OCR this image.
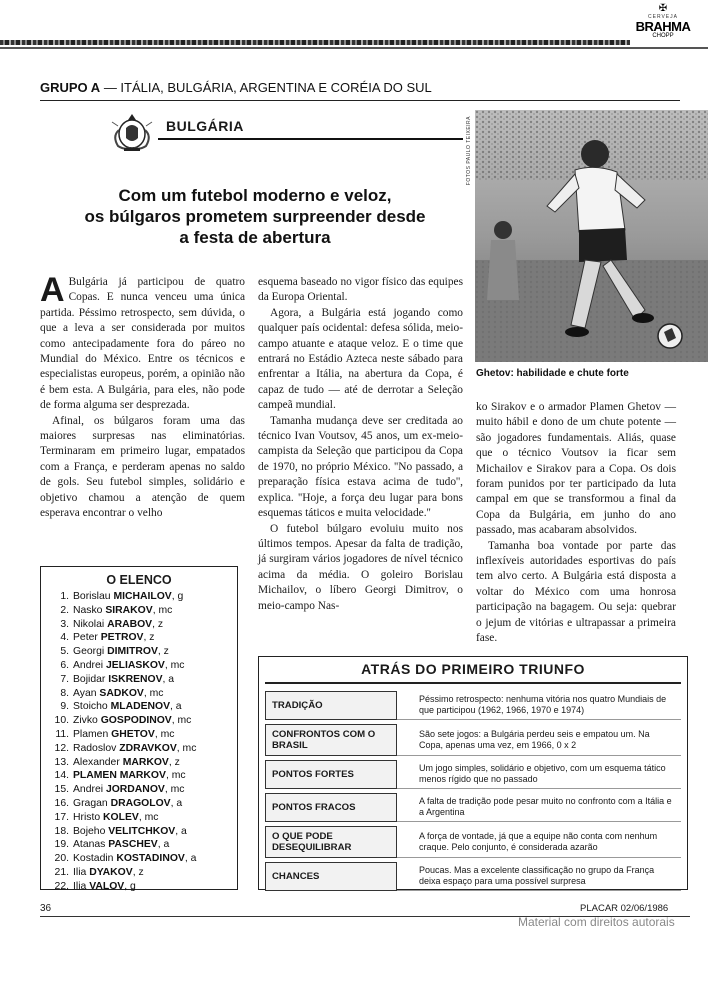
✠
CERVEJA
BRAHMA
CHOPP
GRUPO A — ITÁLIA, BULGÁRIA, ARGENTINA E CORÉIA DO SUL
BULGÁRIA
Com um futebol moderno e veloz,
os búlgaros prometem surpreender desde
a festa de abertura
FOTOS PAULO TEIXEIRA
Ghetov: habilidade e chute forte

A Bulgária já participou de quatro Copas. E nunca venceu uma única partida. Péssimo retrospecto, sem dúvida, o que a leva a ser considerada por muitos como antecipadamente fora do páreo no Mundial do México. Entre os técnicos e especialistas europeus, porém, a opinião não é bem esta. A Bulgária, para eles, não pode de forma alguma ser desprezada.

Afinal, os búlgaros foram uma das maiores surpresas nas eliminatórias. Terminaram em primeiro lugar, empatados com a França, e perderam apenas no saldo de gols. Seu futebol simples, solidário e objetivo chamou a atenção de quem esperava encontrar o velho

esquema baseado no vigor físico das equipes da Europa Oriental.

Agora, a Bulgária está jogando como qualquer país ocidental: defesa sólida, meio-campo atuante e ataque veloz. E o time que entrará no Estádio Azteca neste sábado para enfrentar a Itália, na abertura da Copa, é capaz de tudo — até de derrotar a Seleção campeã mundial.

Tamanha mudança deve ser creditada ao técnico Ivan Voutsov, 45 anos, um ex-meio-campista da Seleção que participou da Copa de 1970, no próprio México. ''No passado, a preparação física estava acima de tudo'', explica. ''Hoje, a força deu lugar para bons esquemas táticos e muita velocidade.''

O futebol búlgaro evoluiu muito nos últimos tempos. Apesar da falta de tradição, já surgiram vários jogadores de nível técnico acima da média. O goleiro Borislau Michailov, o líbero Georgi Dimitrov, o meio-campo Nas-

ko Sirakov e o armador Plamen Ghetov — muito hábil e dono de um chute potente — são jogadores fundamentais. Aliás, quase que o técnico Voutsov ia ficar sem Michailov e Sirakov para a Copa. Os dois foram punidos por ter participado da luta campal em que se transformou a final da Copa da Bulgária, em junho do ano passado, mas acabaram absolvidos.

Tamanha boa vontade por parte das inflexíveis autoridades esportivas do país tem alvo certo. A Bulgária está disposta a voltar do México com uma honrosa participação na bagagem. Ou seja: quebrar o jejum de vitórias e ultrapassar a primeira fase.

O ELENCO
1. Borislau MICHAILOV, g
2. Nasko SIRAKOV, mc
3. Nikolai ARABOV, z
4. Peter PETROV, z
5. Georgi DIMITROV, z
6. Andrei JELIASKOV, mc
7. Bojidar ISKRENOV, a
8. Ayan SADKOV, mc
9. Stoicho MLADENOV, a
10. Zivko GOSPODINOV, mc
11. Plamen GHETOV, mc
12. Radoslov ZDRAVKOV, mc
13. Alexander MARKOV, z
14. PLAMEN MARKOV, mc
15. Andrei JORDANOV, mc
16. Gragan DRAGOLOV, a
17. Hristo KOLEV, mc
18. Bojeho VELITCHKOV, a
19. Atanas PASCHEV, a
20. Kostadin KOSTADINOV, a
21. Ilia DYAKOV, z
22. Ilia VALOV, g
ATRÁS DO PRIMEIRO TRIUNFO
TRADIÇÃO	Péssimo retrospecto: nenhuma vitória nos quatro Mundiais de que participou (1962, 1966, 1970 e 1974)
CONFRONTOS COM O BRASIL	São sete jogos: a Bulgária perdeu seis e empatou um. Na Copa, apenas uma vez, em 1966, 0 x 2
PONTOS FORTES	Um jogo simples, solidário e objetivo, com um esquema tático menos rígido que no passado
PONTOS FRACOS	A falta de tradição pode pesar muito no confronto com a Itália e a Argentina
O QUE PODE DESEQUILIBRAR	A força de vontade, já que a equipe não conta com nenhum craque. Pelo conjunto, é considerada azarão
CHANCES	Poucas. Mas a excelente classificação no grupo da França deixa espaço para uma possível surpresa
36	PLACAR 02/06/1986
Material com direitos autorais
